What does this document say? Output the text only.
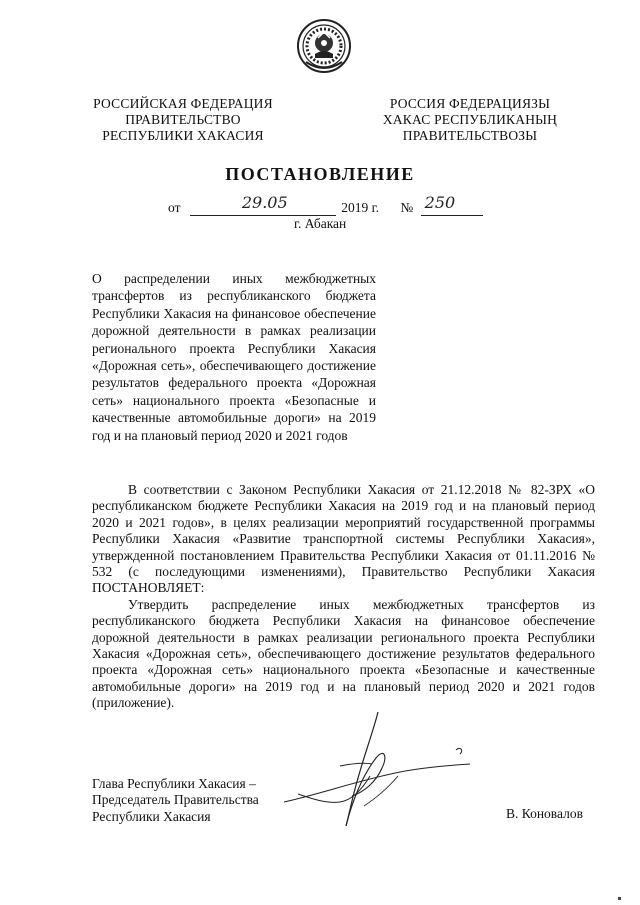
РОССИЙСКАЯ ФЕДЕРАЦИЯ
ПРАВИТЕЛЬСТВО
РЕСПУБЛИКИ ХАКАСИЯ
РОССИЯ ФЕДЕРАЦИЯЗЫ
ХАКАС РЕСПУБЛИКАНЫҢ
ПРАВИТЕЛЬСТВОЗЫ
ПОСТАНОВЛЕНИЕ
от	29.05	2019 г. № 250
г. Абакан
О распределении иных межбюджетных трансфертов из республиканского бюджета Республики Хакасия на финансовое обеспечение дорожной деятельности в рамках реализации регионального проекта Республики Хакасия «Дорожная сеть», обеспечивающего достижение результатов федерального проекта «Дорожная сеть» национального проекта «Безопасные и качественные автомобильные дороги» на 2019 год и на плановый период 2020 и 2021 годов

В соответствии с Законом Республики Хакасия от 21.12.2018 № 82-ЗРХ «О республиканском бюджете Республики Хакасия на 2019 год и на плановый период 2020 и 2021 годов», в целях реализации мероприятий государственной программы Республики Хакасия «Развитие транспортной системы Республики Хакасия», утвержденной постановлением Правительства Республики Хакасия от 01.11.2016 № 532 (с последующими изменениями), Правительство Республики Хакасия ПОСТАНОВЛЯЕТ:

Утвердить распределение иных межбюджетных трансфертов из республиканского бюджета Республики Хакасия на финансовое обеспечение дорожной деятельности в рамках реализации регионального проекта Республики Хакасия «Дорожная сеть», обеспечивающего достижение результатов федерального проекта «Дорожная сеть» национального проекта «Безопасные и качественные автомобильные дороги» на 2019 год и на плановый период 2020 и 2021 годов (приложение).

Глава Республики Хакасия –
Председатель Правительства
Республики Хакасия	В. Коновалов
